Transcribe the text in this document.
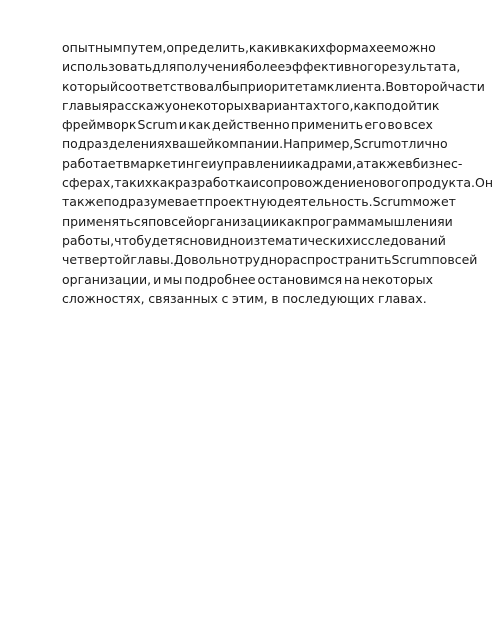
опытным путем, определить, как и в каких формах ее можно
использовать для получения более эффективного результата,
который соответствовал бы приоритетам клиента. Во второй части
главы я расскажу о некоторых вариантах того, как подойти к
фреймворк Scrum и как действенно применить его во всех
подразделениях вашей компании. Например, Scrum отлично
работает в маркетинге и управлении кадрами, а также в бизнес-
сферах, таких как разработка и сопровождение нового продукта. Он
также подразумевает проектную деятельность. Scrum может
применяться по всей организации как программа мышления и
работы, что будет ясно видно из тематических исследований
четвертой главы. Довольно трудно распространить Scrum по всей
организации, и мы подробнее остановимся на некоторых
сложностях, связанных с этим, в последующих главах.
